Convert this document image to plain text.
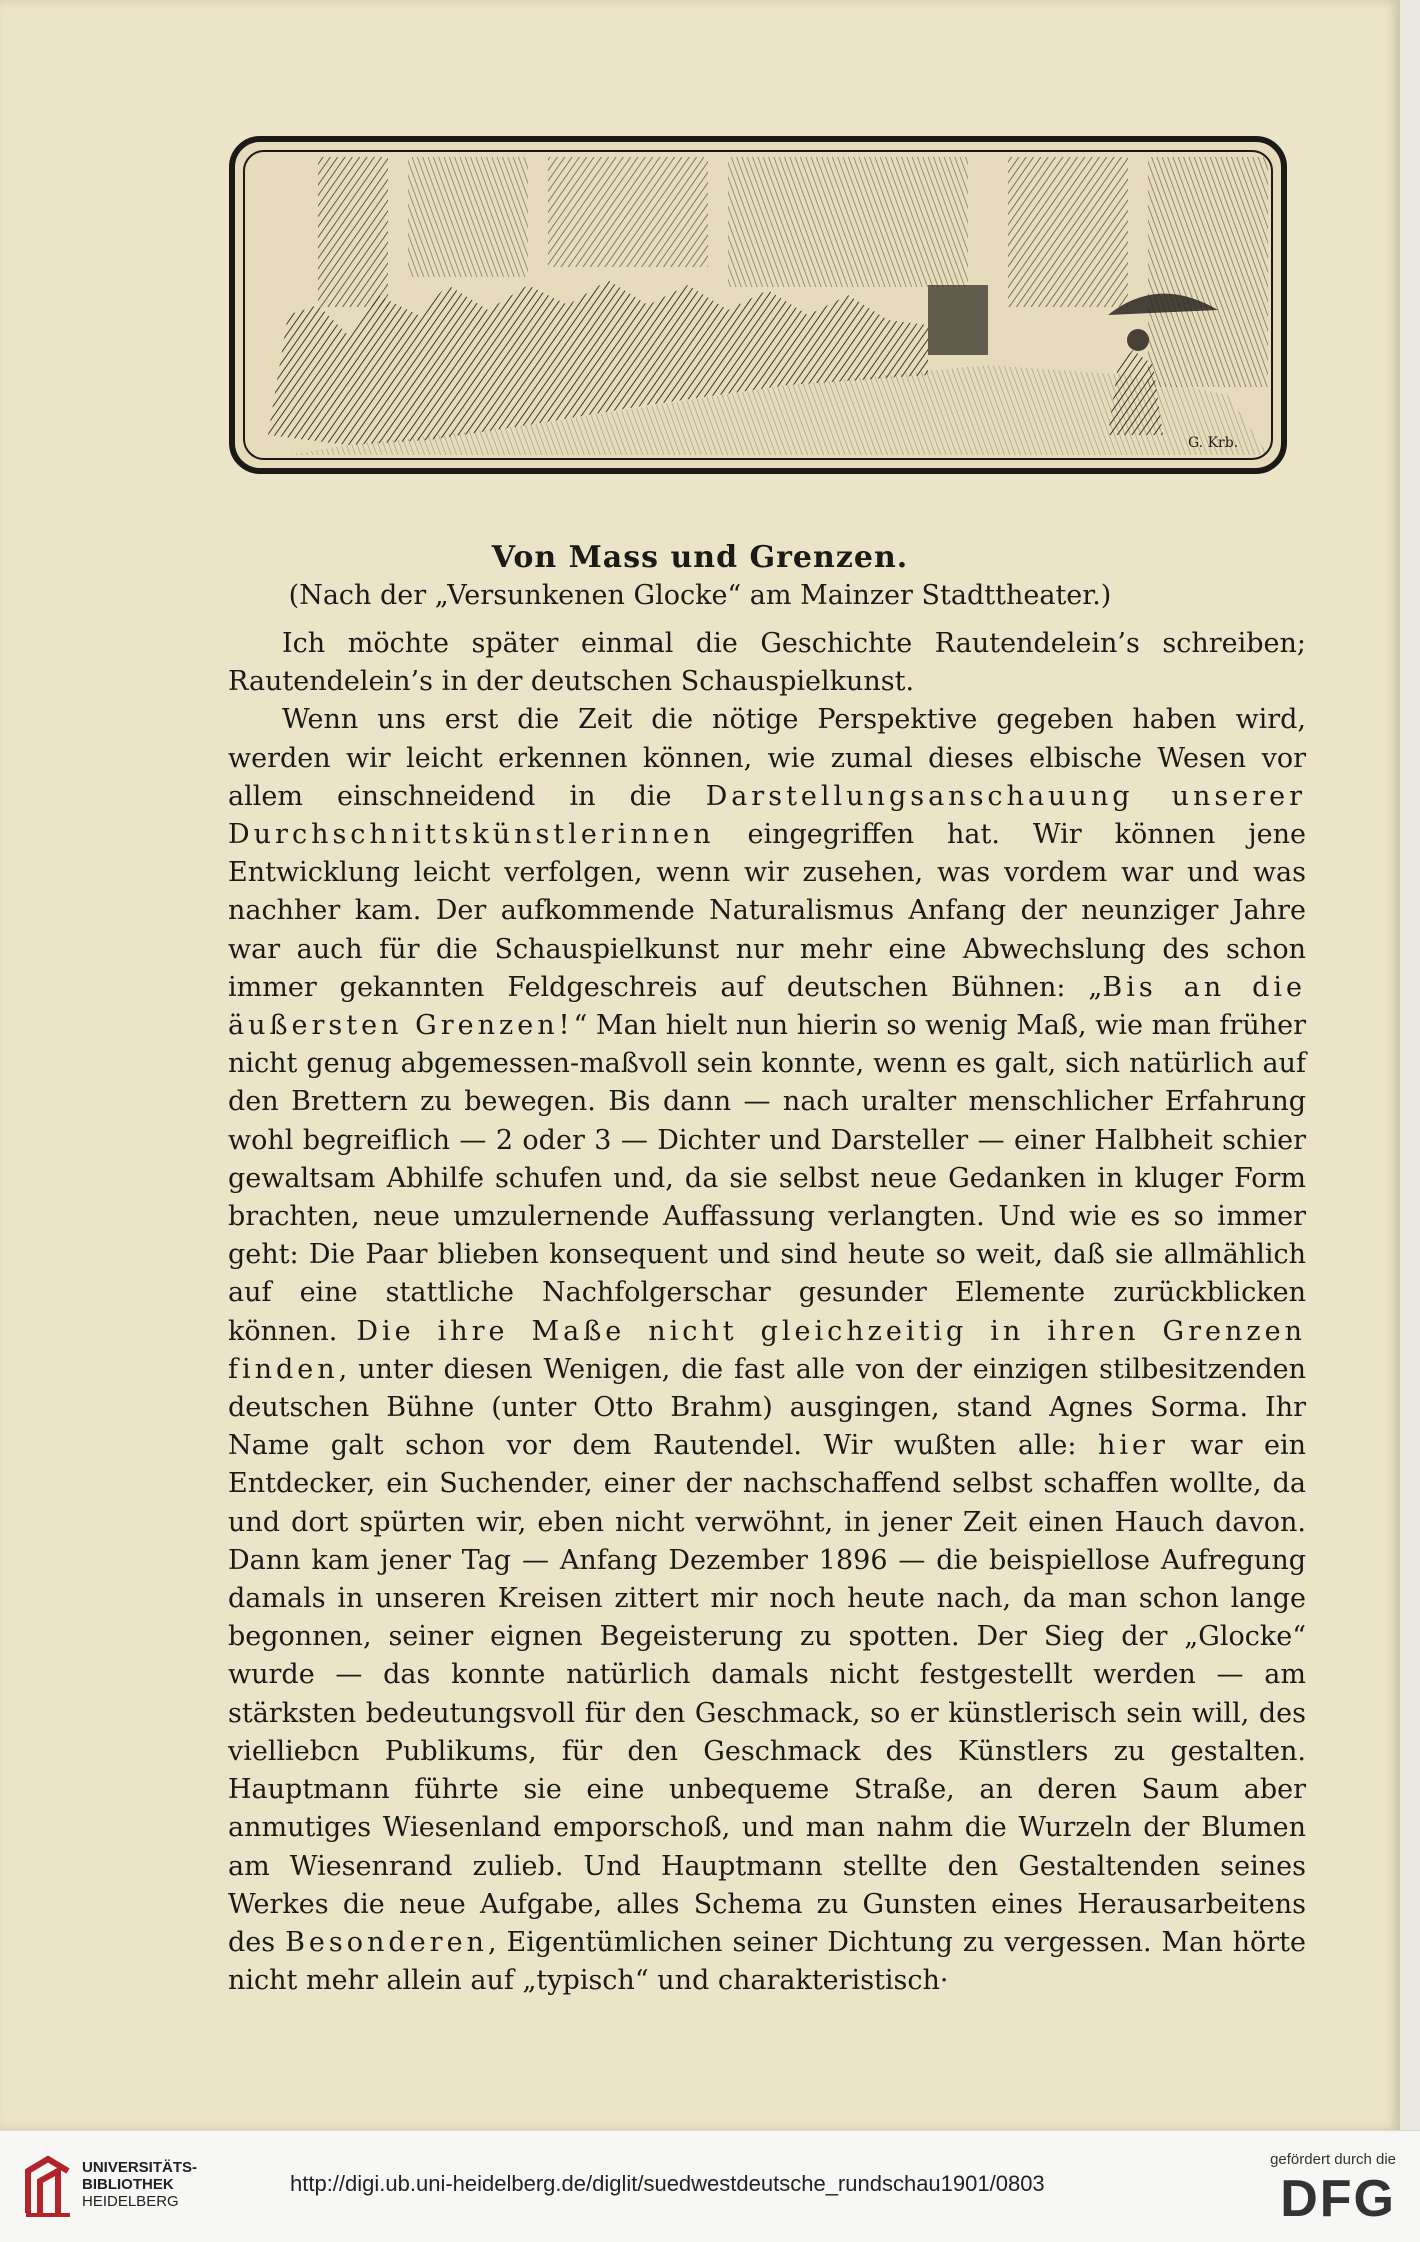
G. Krb.
Von Mass und Grenzen.
(Nach der „Versunkenen Glocke“ am Mainzer Stadttheater.)

Ich möchte später einmal die Geschichte Rautendelein’s schreiben; Rautendelein’s in der deutschen Schauspielkunst.

Wenn uns erst die Zeit die nötige Perspektive gegeben haben wird, werden wir leicht erkennen können, wie zumal dieses elbische Wesen vor allem einschneidend in die Darstellungsanschauung unserer Durchschnittskünstlerinnen eingegriffen hat. Wir können jene Entwicklung leicht verfolgen, wenn wir zusehen, was vordem war und was nachher kam. Der aufkommende Naturalismus Anfang der neunziger Jahre war auch für die Schauspielkunst nur mehr eine Abwechslung des schon immer gekannten Feldgeschreis auf deutschen Bühnen: „Bis an die äußersten Grenzen!“ Man hielt nun hierin so wenig Maß, wie man früher nicht genug abgemessen-maßvoll sein konnte, wenn es galt, sich natürlich auf den Brettern zu bewegen. Bis dann — nach uralter menschlicher Erfahrung wohl begreiflich — 2 oder 3 — Dichter und Darsteller — einer Halbheit schier gewaltsam Abhilfe schufen und, da sie selbst neue Gedanken in kluger Form brachten, neue umzulernende Auffassung verlangten. Und wie es so immer geht: Die Paar blieben konsequent und sind heute so weit, daß sie allmählich auf eine stattliche Nachfolgerschar gesunder Elemente zurückblicken können. Die ihre Maße nicht gleichzeitig in ihren Grenzen finden, unter diesen Wenigen, die fast alle von der einzigen stilbesitzenden deutschen Bühne (unter Otto Brahm) ausgingen, stand Agnes Sorma. Ihr Name galt schon vor dem Rautendel. Wir wußten alle: hier war ein Entdecker, ein Suchender, einer der nachschaffend selbst schaffen wollte, da und dort spürten wir, eben nicht verwöhnt, in jener Zeit einen Hauch davon. Dann kam jener Tag — Anfang Dezember 1896 — die beispiellose Aufregung damals in unseren Kreisen zittert mir noch heute nach, da man schon lange begonnen, seiner eignen Begeisterung zu spotten. Der Sieg der „Glocke“ wurde — das konnte natürlich damals nicht festgestellt werden — am stärksten bedeutungsvoll für den Geschmack, so er künstlerisch sein will, des vielliebсn Publikums, für den Geschmack des Künstlers zu gestalten. Hauptmann führte sie eine unbequeme Straße, an deren Saum aber anmutiges Wiesenland emporschoß, und man nahm die Wurzeln der Blumen am Wiesenrand zulieb. Und Hauptmann stellte den Gestaltenden seines Werkes die neue Aufgabe, alles Schema zu Gunsten eines Herausarbeitens des Besonderen, Eigentümlichen seiner Dichtung zu vergessen. Man hörte nicht mehr allein auf „typisch“ und charakteristisch·

UNIVERSITÄTS-
BIBLIOTHEK
HEIDELBERG
http://digi.ub.uni-heidelberg.de/diglit/suedwestdeutsche_rundschau1901/0803
gefördert durch die
DFG
